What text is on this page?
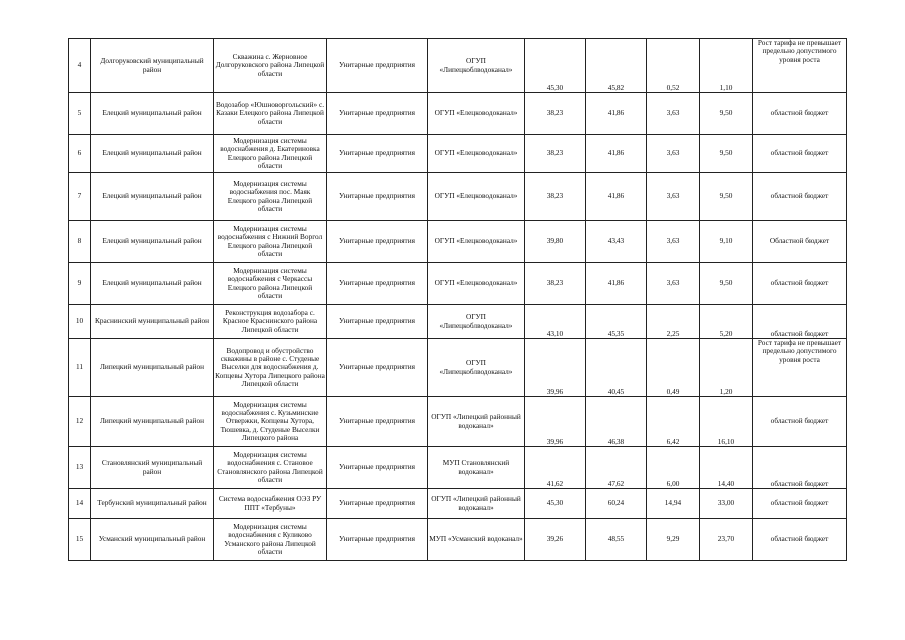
4	Долгоруковский муниципальный район	Скважина с. Жерновное Долгоруковского района Липецкой области	Унитарные предприятия	ОГУП «Липецкоблводоканал»	45,30	45,82	0,52	1,10	Рост тарифа не превышает предельно допустимого уровня роста
5	Елецкий муниципальный район	Водозабор «Юшноворгольский» с. Казаки Елецкого района Липецкой области	Унитарные предприятия	ОГУП «Елецководоканал»	38,23	41,86	3,63	9,50	областной бюджет
6	Елецкий муниципальный район	Модернизация системы водоснабжения д. Екатериновка Елецкого района Липецкой области	Унитарные предприятия	ОГУП «Елецководоканал»	38,23	41,86	3,63	9,50	областной бюджет
7	Елецкий муниципальный район	Модернизация системы водоснабжения пос. Маяк Елецкого района Липецкой области	Унитарные предприятия	ОГУП «Елецководоканал»	38,23	41,86	3,63	9,50	областной бюджет
8	Елецкий муниципальный район	Модернизация системы водоснабжения с Нижний Воргол Елецкого района Липецкой области	Унитарные предприятия	ОГУП «Елецководоканал»	39,80	43,43	3,63	9,10	Областной бюджет
9	Елецкий муниципальный район	Модернизация системы водоснабжения с Черкассы Елецкого района Липецкой области	Унитарные предприятия	ОГУП «Елецководоканал»	38,23	41,86	3,63	9,50	областной бюджет
10	Краснинский муниципальный район	Реконструкция водозабора с. Красное Краснинского района Липецкой области	Унитарные предприятия	ОГУП «Липецкоблводоканал»	43,10	45,35	2,25	5,20	областной бюджет
11	Липецкий муниципальный район	Водопровод и обустройство скважины в районе с. Студеные Выселки для водоснабжения д. Копцевы Хутора Липецкого района Липецкой области	Унитарные предприятия	ОГУП «Липецкоблводоканал»	39,96	40,45	0,49	1,20	Рост тарифа не превышает предельно допустимого уровня роста
12	Липецкий муниципальный район	Модернизация системы водоснабжения с. Кузьминские Отвержки, Копцевы Хутора, Тюшевка, д. Студеные Выселки Липецкого района	Унитарные предприятия	ОГУП «Липецкий районный водоканал»	39,96	46,38	6,42	16,10	областной бюджет
13	Становлянский муниципальный район	Модернизация системы водоснабжения с. Становое Становлянского района Липецкой области	Унитарные предприятия	МУП Становлянский водоканал»	41,62	47,62	6,00	14,40	областной бюджет
14	Тербунский муниципальный район	Система водоснабжения ОЭЗ РУ ППТ «Тербуны»	Унитарные предприятия	ОГУП «Липецкий районный водоканал»	45,30	60,24	14,94	33,00	областной бюджет
15	Усманский муниципальный район	Модернизация системы водоснабжения с Куликово Усманского района Липецкой области	Унитарные предприятия	МУП «Усманский водоканал»	39,26	48,55	9,29	23,70	областной бюджет
